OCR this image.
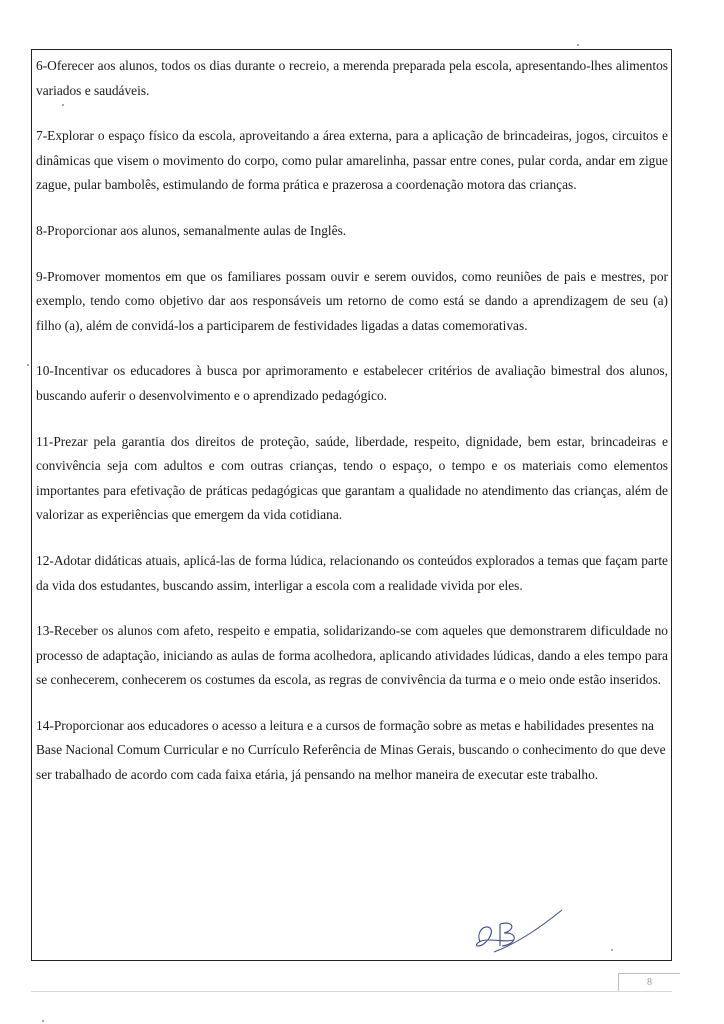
6-Oferecer aos alunos, todos os dias durante o recreio, a merenda preparada pela escola, apresentando-lhes alimentos variados e saudáveis.

7-Explorar o espaço físico da escola, aproveitando a área externa, para a aplicação de brincadeiras, jogos, circuitos e dinâmicas que visem o movimento do corpo, como pular amarelinha, passar entre cones, pular corda, andar em zigue zague, pular bambolês, estimulando de forma prática e prazerosa a coordenação motora das crianças.

8-Proporcionar aos alunos, semanalmente aulas de Inglês.

9-Promover momentos em que os familiares possam ouvir e serem ouvidos, como reuniões de pais e mestres, por exemplo, tendo como objetivo dar aos responsáveis um retorno de como está se dando a aprendizagem de seu (a) filho (a), além de convidá-los a participarem de festividades ligadas a datas comemorativas.

10-Incentivar os educadores à busca por aprimoramento e estabelecer critérios de avaliação bimestral dos alunos, buscando auferir o desenvolvimento e o aprendizado pedagógico.

11-Prezar pela garantia dos direitos de proteção, saúde, liberdade, respeito, dignidade, bem estar, brincadeiras e convivência seja com adultos e com outras crianças, tendo o espaço, o tempo e os materiais como elementos importantes para efetivação de práticas pedagógicas que garantam a qualidade no atendimento das crianças, além de valorizar as experiências que emergem da vida cotidiana.

12-Adotar didáticas atuais, aplicá-las de forma lúdica, relacionando os conteúdos explorados a temas que façam parte da vida dos estudantes, buscando assim, interligar a escola com a realidade vivida por eles.

13-Receber os alunos com afeto, respeito e empatia, solidarizando-se com aqueles que demonstrarem dificuldade no processo de adaptação, iniciando as aulas de forma acolhedora, aplicando atividades lúdicas, dando a eles tempo para se conhecerem, conhecerem os costumes da escola, as regras de convivência da turma e o meio onde estão inseridos.

14-Proporcionar aos educadores o acesso a leitura e a cursos de formação sobre as metas e habilidades presentes na Base Nacional Comum Curricular e no Currículo Referência de Minas Gerais, buscando o conhecimento do que deve ser trabalhado de acordo com cada faixa etária, já pensando na melhor maneira de executar este trabalho.

8
